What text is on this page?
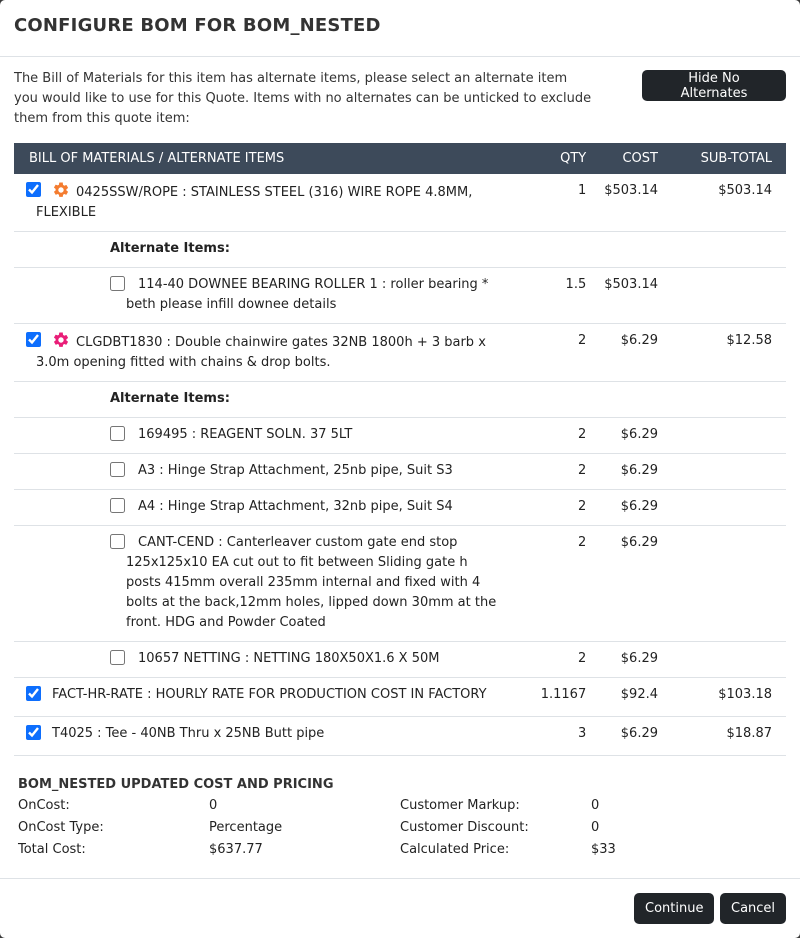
CONFIGURE BOM FOR BOM_NESTED
The Bill of Materials for this item has alternate items, please select an alternate item you would like to use for this Quote. Items with no alternates can be unticked to exclude them from this quote item:
Hide No Alternates
BILL OF MATERIALS / ALTERNATE ITEMS		QTY	COST	SUB-TOTAL

0425SSW/ROPE : STAINLESS STEEL (316) WIRE ROPE 4.8MM,
FLEXIBLE	1	$503.14	$503.14
Alternate Items:				

114-40 DOWNEE BEARING ROLLER 1 : roller bearing *
beth please infill downee details		1.5	$503.14	

CLGDBT1830 : Double chainwire gates 32NB 1800h + 3 barb x
3.0m opening fitted with chains & drop bolts.	2	$6.29	$12.58
Alternate Items:				

169495 : REAGENT SOLN. 37 5LT		2	$6.29	

A3 : Hinge Strap Attachment, 25nb pipe, Suit S3		2	$6.29	

A4 : Hinge Strap Attachment, 32nb pipe, Suit S4		2	$6.29	

CANT-CEND : Canterleaver custom gate end stop
125x125x10 EA cut out to fit between Sliding gate h posts 415mm overall 235mm internal and fixed with 4 bolts at the back,12mm holes, lipped down 30mm at the front. HDG and Powder Coated		2	$6.29	

10657 NETTING : NETTING 180X50X1.6 X 50M		2	$6.29	

FACT-HR-RATE : HOURLY RATE FOR PRODUCTION COST IN FACTORY	1.1167	$92.4	$103.18

T4025 : Tee - 40NB Thru x 25NB Butt pipe	3	$6.29	$18.87
BOM_NESTED UPDATED COST AND PRICING
OnCost:	0	Customer Markup:	0
OnCost Type:	Percentage	Customer Discount:	0
Total Cost:	$637.77	Calculated Price:	$33
Continue	Cancel
